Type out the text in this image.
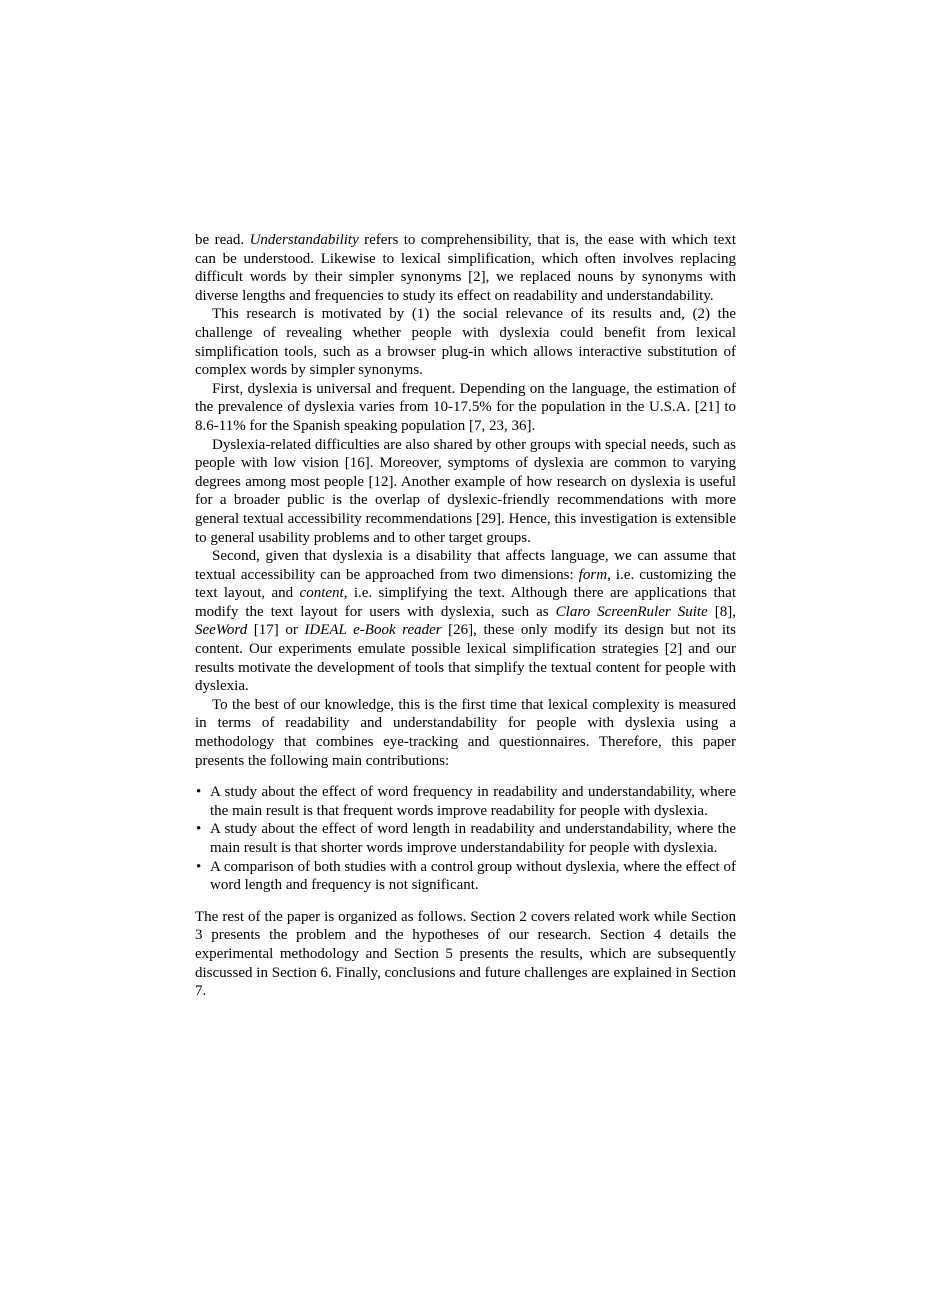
be read. Understandability refers to comprehensibility, that is, the ease with which text can be understood. Likewise to lexical simplification, which often involves replacing difficult words by their simpler synonyms [2], we replaced nouns by synonyms with diverse lengths and frequencies to study its effect on readability and understandability.

This research is motivated by (1) the social relevance of its results and, (2) the challenge of revealing whether people with dyslexia could benefit from lexical simplification tools, such as a browser plug-in which allows interactive substitution of complex words by simpler synonyms.

First, dyslexia is universal and frequent. Depending on the language, the estimation of the prevalence of dyslexia varies from 10-17.5% for the population in the U.S.A. [21] to 8.6-11% for the Spanish speaking population [7, 23, 36].

Dyslexia-related difficulties are also shared by other groups with special needs, such as people with low vision [16]. Moreover, symptoms of dyslexia are common to varying degrees among most people [12]. Another example of how research on dyslexia is useful for a broader public is the overlap of dyslexic-friendly recommendations with more general textual accessibility recommendations [29]. Hence, this investigation is extensible to general usability problems and to other target groups.

Second, given that dyslexia is a disability that affects language, we can assume that textual accessibility can be approached from two dimensions: form, i.e. customizing the text layout, and content, i.e. simplifying the text. Although there are applications that modify the text layout for users with dyslexia, such as Claro ScreenRuler Suite [8], SeeWord [17] or IDEAL e-Book reader [26], these only modify its design but not its content. Our experiments emulate possible lexical simplification strategies [2] and our results motivate the development of tools that simplify the textual content for people with dyslexia.

To the best of our knowledge, this is the first time that lexical complexity is measured in terms of readability and understandability for people with dyslexia using a methodology that combines eye-tracking and questionnaires. Therefore, this paper presents the following main contributions:

• A study about the effect of word frequency in readability and understandability, where the main result is that frequent words improve readability for people with dyslexia.
• A study about the effect of word length in readability and understandability, where the main result is that shorter words improve understandability for people with dyslexia.
• A comparison of both studies with a control group without dyslexia, where the effect of word length and frequency is not significant.

The rest of the paper is organized as follows. Section 2 covers related work while Section 3 presents the problem and the hypotheses of our research. Section 4 details the experimental methodology and Section 5 presents the results, which are subsequently discussed in Section 6. Finally, conclusions and future challenges are explained in Section 7.
